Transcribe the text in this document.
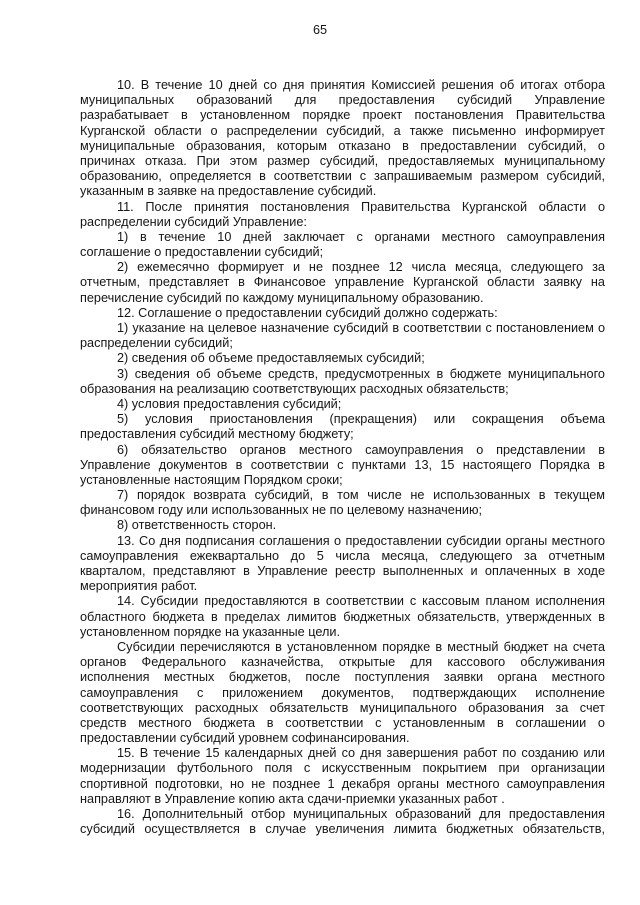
65
10. В течение 10 дней со дня принятия Комиссией решения об итогах отбора
муниципальных образований для предоставления субсидий Управление
разрабатывает в установленном порядке проект постановления Правительства
Курганской области о распределении субсидий, а также письменно информирует
муниципальные образования, которым отказано в предоставлении субсидий, о
причинах отказа. При этом размер субсидий, предоставляемых муниципальному
образованию, определяется в соответствии с запрашиваемым размером субсидий,
указанным в заявке на предоставление субсидий.
11. После принятия постановления Правительства Курганской области о
распределении субсидий Управление:
1) в течение 10 дней заключает с органами местного самоуправления
соглашение о предоставлении субсидий;
2) ежемесячно формирует и не позднее 12 числа месяца, следующего за
отчетным, представляет в Финансовое управление Курганской области заявку на
перечисление субсидий по каждому муниципальному образованию.
12. Соглашение о предоставлении субсидий должно содержать:
1) указание на целевое назначение субсидий в соответствии с постановлением о
распределении субсидий;
2) сведения об объеме предоставляемых субсидий;
3) сведения об объеме средств, предусмотренных в бюджете муниципального
образования на реализацию соответствующих расходных обязательств;
4) условия предоставления субсидий;
5) условия приостановления (прекращения) или сокращения объема
предоставления субсидий местному бюджету;
6) обязательство органов местного самоуправления о представлении в
Управление документов в соответствии с пунктами 13, 15 настоящего Порядка в
установленные настоящим Порядком сроки;
7) порядок возврата субсидий, в том числе не использованных в текущем
финансовом году или использованных не по целевому назначению;
8) ответственность сторон.
13. Со дня подписания соглашения о предоставлении субсидии органы местного
самоуправления ежеквартально до 5 числа месяца, следующего за отчетным
кварталом, представляют в Управление реестр выполненных и оплаченных в ходе
мероприятия работ.
14. Субсидии предоставляются в соответствии с кассовым планом исполнения
областного бюджета в пределах лимитов бюджетных обязательств, утвержденных в
установленном порядке на указанные цели.
Субсидии перечисляются в установленном порядке в местный бюджет на счета
органов Федерального казначейства, открытые для кассового обслуживания
исполнения местных бюджетов, после поступления заявки органа местного
самоуправления с приложением документов, подтверждающих исполнение
соответствующих расходных обязательств муниципального образования за счет
средств местного бюджета в соответствии с установленным в соглашении о
предоставлении субсидий уровнем софинансирования.
15. В течение 15 календарных дней со дня завершения работ по созданию или
модернизации футбольного поля с искусственным покрытием при организации
спортивной подготовки, но не позднее 1 декабря органы местного самоуправления
направляют в Управление копию акта сдачи-приемки указанных работ .
16. Дополнительный отбор муниципальных образований для предоставления
субсидий осуществляется в случае увеличения лимита бюджетных обязательств,
